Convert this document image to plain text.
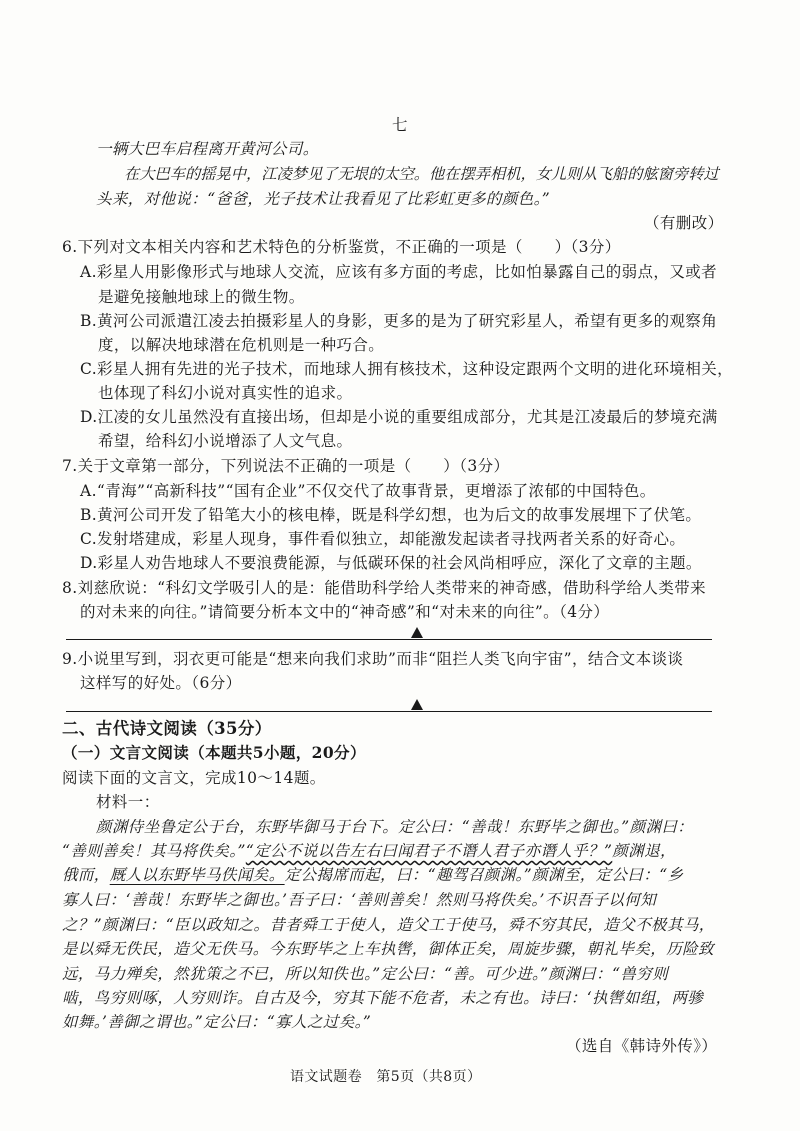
七
一辆大巴车启程离开黄河公司。
在大巴车的摇晃中，江凌梦见了无垠的太空。他在摆弄相机，女儿则从飞船的舷窗旁转过
头来，对他说：“爸爸，光子技术让我看见了比彩虹更多的颜色。”
（有删改）
6.下列对文本相关内容和艺术特色的分析鉴赏，不正确的一项是（　　）（3分）
A.彩星人用影像形式与地球人交流，应该有多方面的考虑，比如怕暴露自己的弱点，又或者
是避免接触地球上的微生物。
B.黄河公司派遣江凌去拍摄彩星人的身影，更多的是为了研究彩星人，希望有更多的观察角
度，以解决地球潜在危机则是一种巧合。
C.彩星人拥有先进的光子技术，而地球人拥有核技术，这种设定跟两个文明的进化环境相关，
也体现了科幻小说对真实性的追求。
D.江凌的女儿虽然没有直接出场，但却是小说的重要组成部分，尤其是江凌最后的梦境充满
希望，给科幻小说增添了人文气息。
7.关于文章第一部分，下列说法不正确的一项是（　　）（3分）
A.“青海”“高新科技”“国有企业”不仅交代了故事背景，更增添了浓郁的中国特色。
B.黄河公司开发了铅笔大小的核电棒，既是科学幻想，也为后文的故事发展埋下了伏笔。
C.发射塔建成，彩星人现身，事件看似独立，却能激发起读者寻找两者关系的好奇心。
D.彩星人劝告地球人不要浪费能源，与低碳环保的社会风尚相呼应，深化了文章的主题。
8.刘慈欣说：“科幻文学吸引人的是：能借助科学给人类带来的神奇感，借助科学给人类带来
的对未来的向往。”请简要分析本文中的“神奇感”和“对未来的向往”。（4分）
9.小说里写到，羽衣更可能是“想来向我们求助”而非“阻拦人类飞向宇宙”，结合文本谈谈
这样写的好处。（6分）
二、古代诗文阅读（35分）
（一）文言文阅读（本题共5小题，20分）
阅读下面的文言文，完成10～14题。
材料一：
颜渊侍坐鲁定公于台，东野毕御马于台下。定公曰：“善哉！东野毕之御也。”颜渊曰：
“善则善矣！其马将佚矣。”“定公不说以告左右曰闻君子不谮人君子亦谮人乎？”颜渊退，
俄而，厩人以东野毕马佚闻矣。定公揭席而起，曰：“趣驾召颜渊。”颜渊至，定公曰：“乡
寡人曰：‘善哉！东野毕之御也。’吾子曰：‘善则善矣！然则马将佚矣。’不识吾子以何知
之？”颜渊曰：“臣以政知之。昔者舜工于使人，造父工于使马，舜不穷其民，造父不极其马，
是以舜无佚民，造父无佚马。今东野毕之上车执辔，御体正矣，周旋步骤，朝礼毕矣，历险致
远，马力殚矣，然犹策之不已，所以知佚也。”定公曰：“善。可少进。”颜渊曰：“兽穷则
啮，鸟穷则啄，人穷则诈。自古及今，穷其下能不危者，未之有也。诗曰：‘执辔如组，两骖
如舞。’善御之谓也。”定公曰：“寡人之过矣。”
（选自《韩诗外传》）
语文试题卷　第5页（共8页）
